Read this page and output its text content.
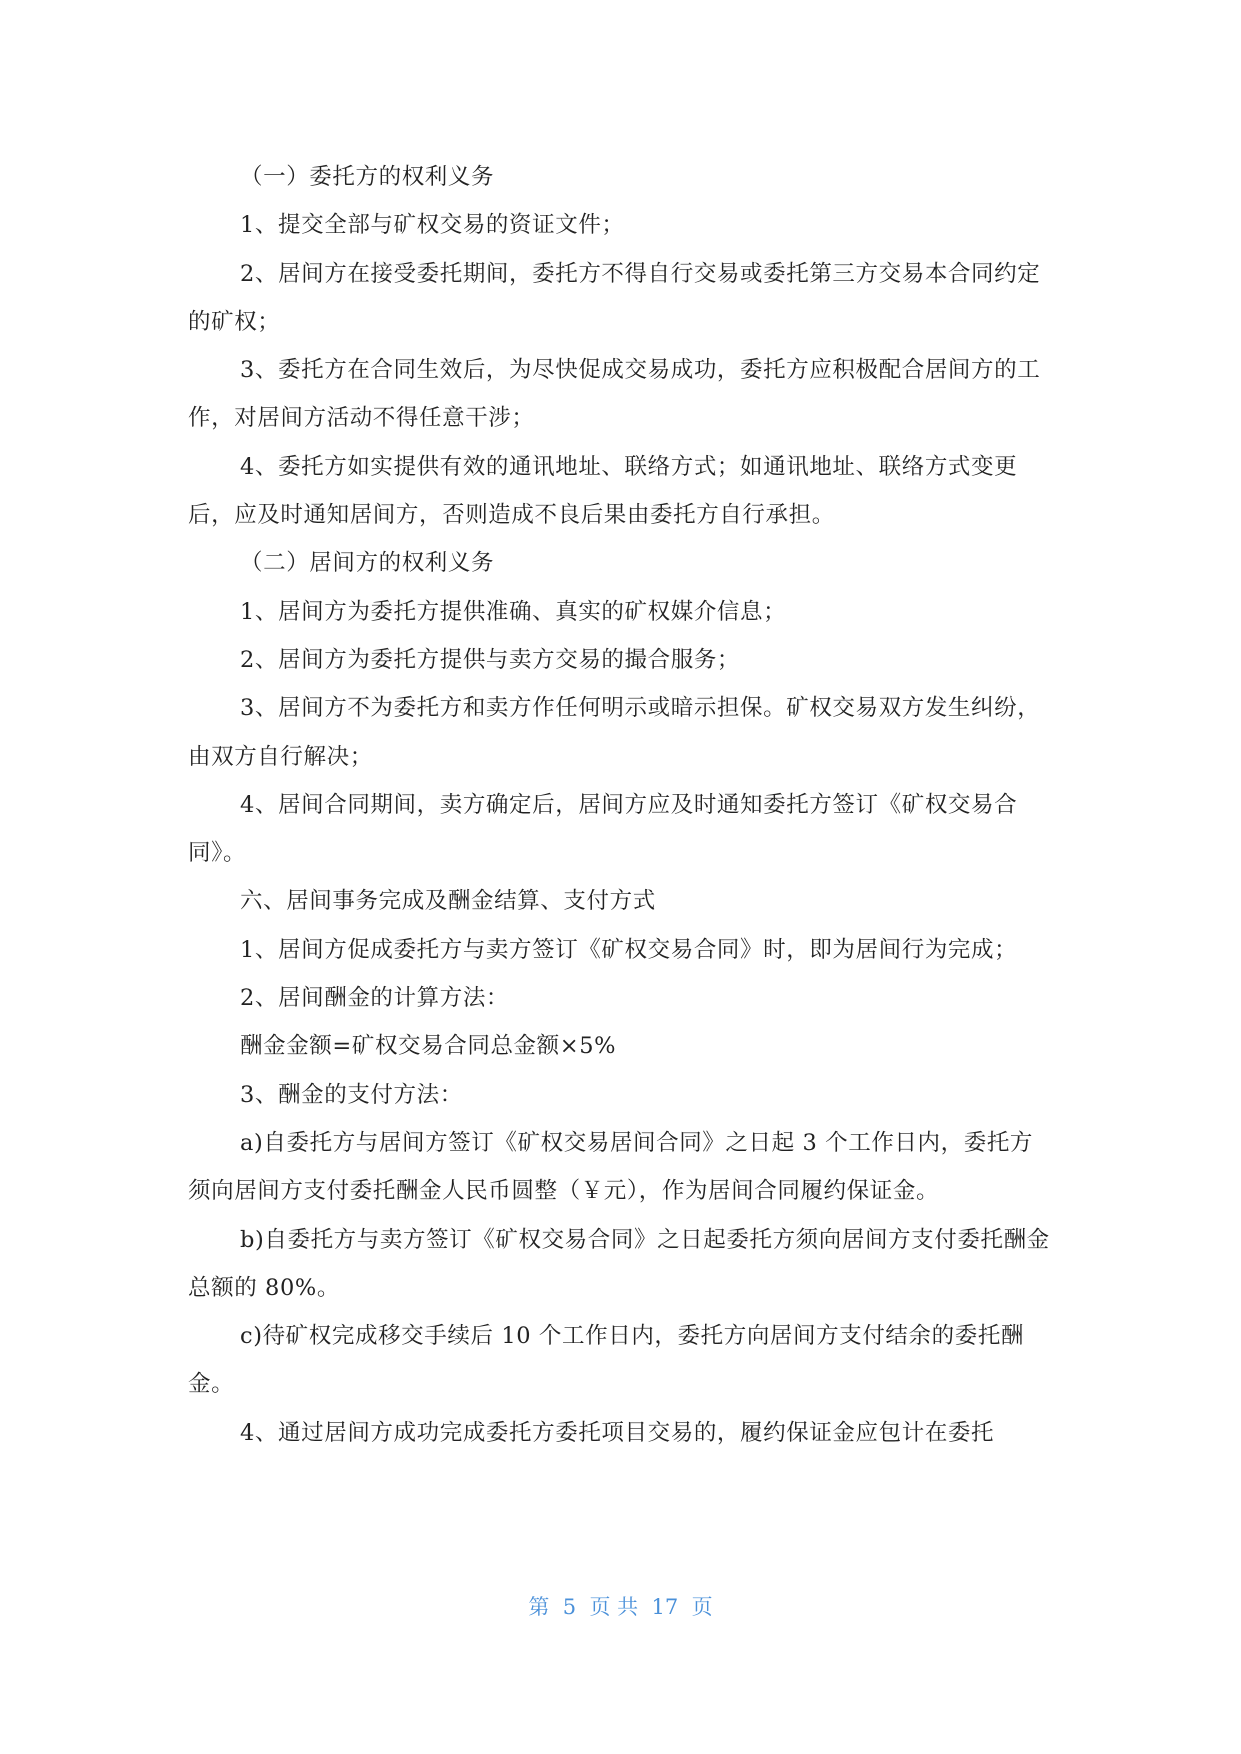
（一）委托方的权利义务

1、提交全部与矿权交易的资证文件；

2、居间方在接受委托期间，委托方不得自行交易或委托第三方交易本合同约定的矿权；

3、委托方在合同生效后，为尽快促成交易成功，委托方应积极配合居间方的工作，对居间方活动不得任意干涉；

4、委托方如实提供有效的通讯地址、联络方式；如通讯地址、联络方式变更后，应及时通知居间方，否则造成不良后果由委托方自行承担。

（二）居间方的权利义务

1、居间方为委托方提供准确、真实的矿权媒介信息；

2、居间方为委托方提供与卖方交易的撮合服务；

3、居间方不为委托方和卖方作任何明示或暗示担保。矿权交易双方发生纠纷，由双方自行解决；

4、居间合同期间，卖方确定后，居间方应及时通知委托方签订《矿权交易合同》。

六、居间事务完成及酬金结算、支付方式

1、居间方促成委托方与卖方签订《矿权交易合同》时，即为居间行为完成；

2、居间酬金的计算方法：

酬金金额=矿权交易合同总金额×5%

3、酬金的支付方法：

a)自委托方与居间方签订《矿权交易居间合同》之日起 3 个工作日内，委托方须向居间方支付委托酬金人民币圆整（￥元），作为居间合同履约保证金。

b)自委托方与卖方签订《矿权交易合同》之日起委托方须向居间方支付委托酬金总额的 80%。

c)待矿权完成移交手续后 10 个工作日内，委托方向居间方支付结余的委托酬金。

4、通过居间方成功完成委托方委托项目交易的，履约保证金应包计在委托

第  5  页 共  17  页
